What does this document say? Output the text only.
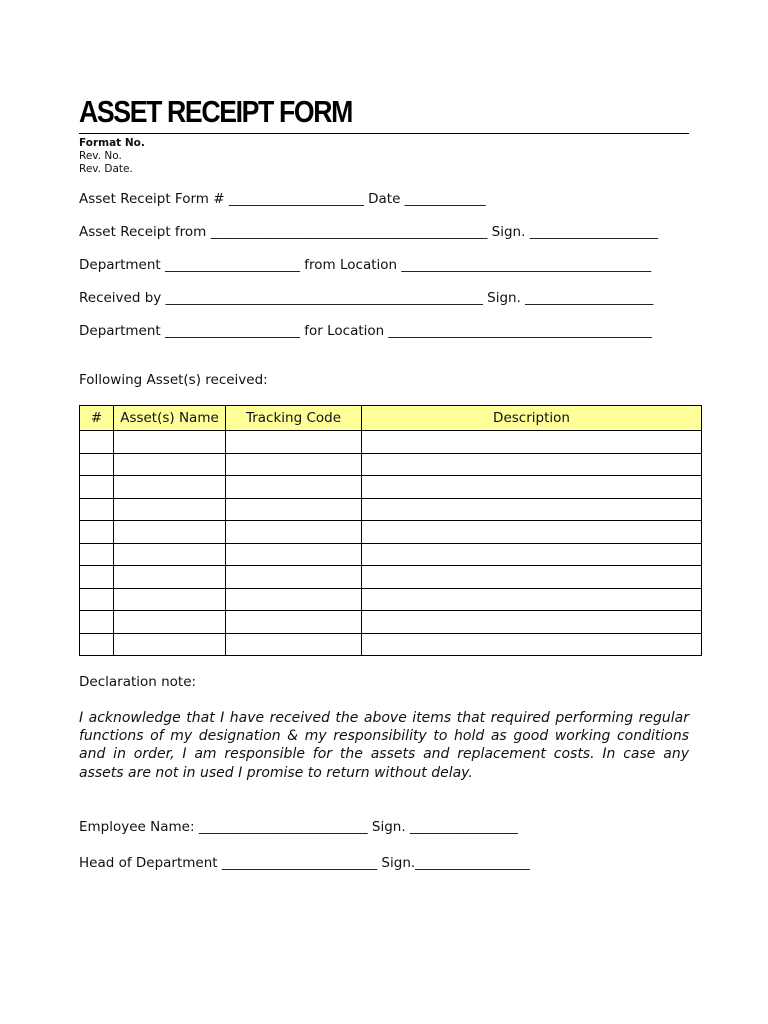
ASSET RECEIPT FORM
Format No.
Rev. No.
Rev. Date.
Asset Receipt Form # ____________________ Date ____________
Asset Receipt from _________________________________________ Sign. ___________________
Department ____________________ from Location _____________________________________
Received by _______________________________________________ Sign. ___________________
Department ____________________ for Location _______________________________________
Following Asset(s) received:
#	Asset(s) Name	Tracking Code	Description

Declaration note:
I acknowledge that I have received the above items that required performing regular functions of my designation & my responsibility to hold as good working conditions and in order, I am responsible for the assets and replacement costs. In case any assets are not in used I promise to return without delay.
Employee Name: _________________________ Sign. ________________
Head of Department _______________________ Sign._________________
